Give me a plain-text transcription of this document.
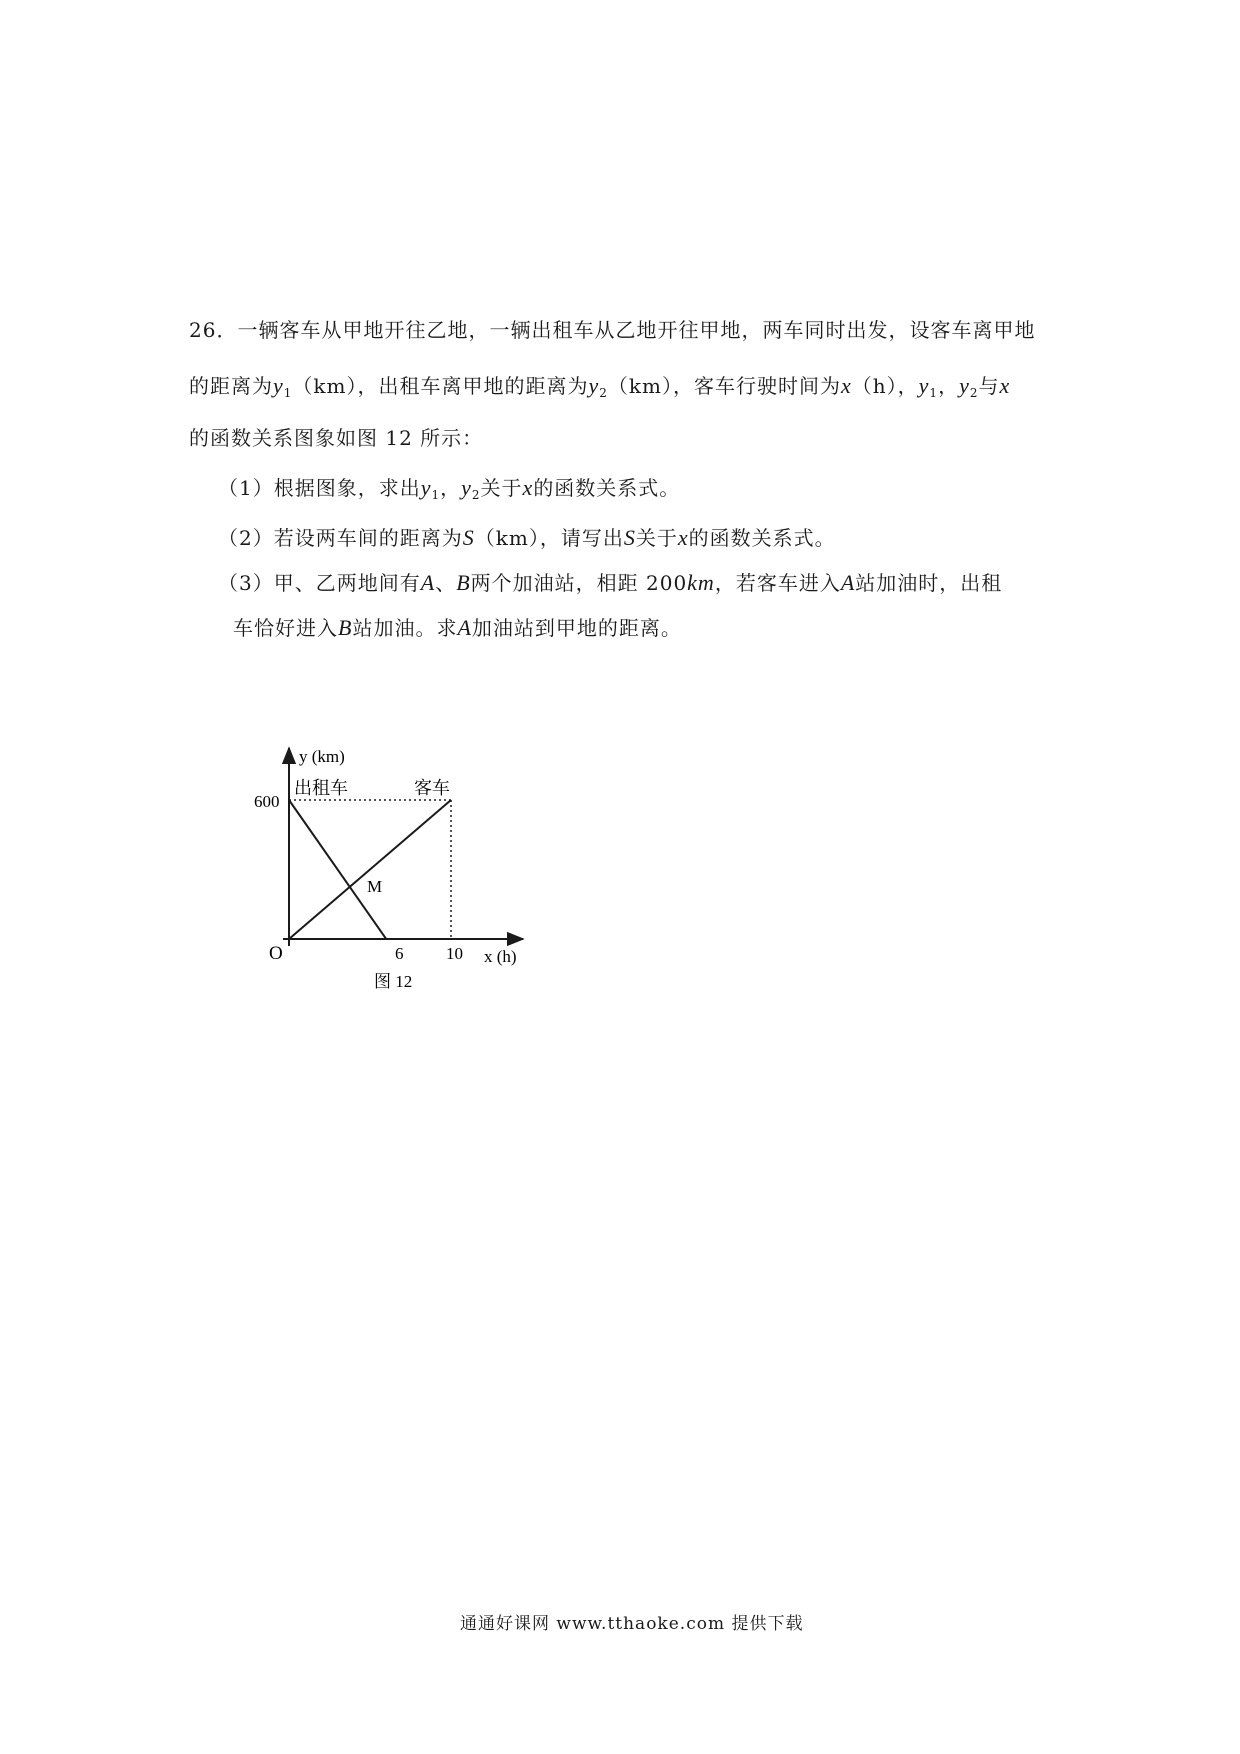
26．一辆客车从甲地开往乙地，一辆出租车从乙地开往甲地，两车同时出发，设客车离甲地
的距离为$y_1(km)$，出租车离甲地的距离为$y_2(km)$，客车行驶时间为x（h），$y_1$，$y_2$与x
的函数关系图象如图 12 所示：
（1）根据图象，求出$y_1$，$y_2$关于x的函数关系式。
（2）若设两车间的距离为S（km），请写出S关于x的函数关系式。
（3）甲、乙两地间有A、B两个加油站，相距 200km，若客车进入A站加油时，出租
车恰好进入B站加油。求A加油站到甲地的距离。
y (km)
x (h)
O
600
6	10
出租车	客车
M
图 12
通通好课网 www.tthaoke.com 提供下载
